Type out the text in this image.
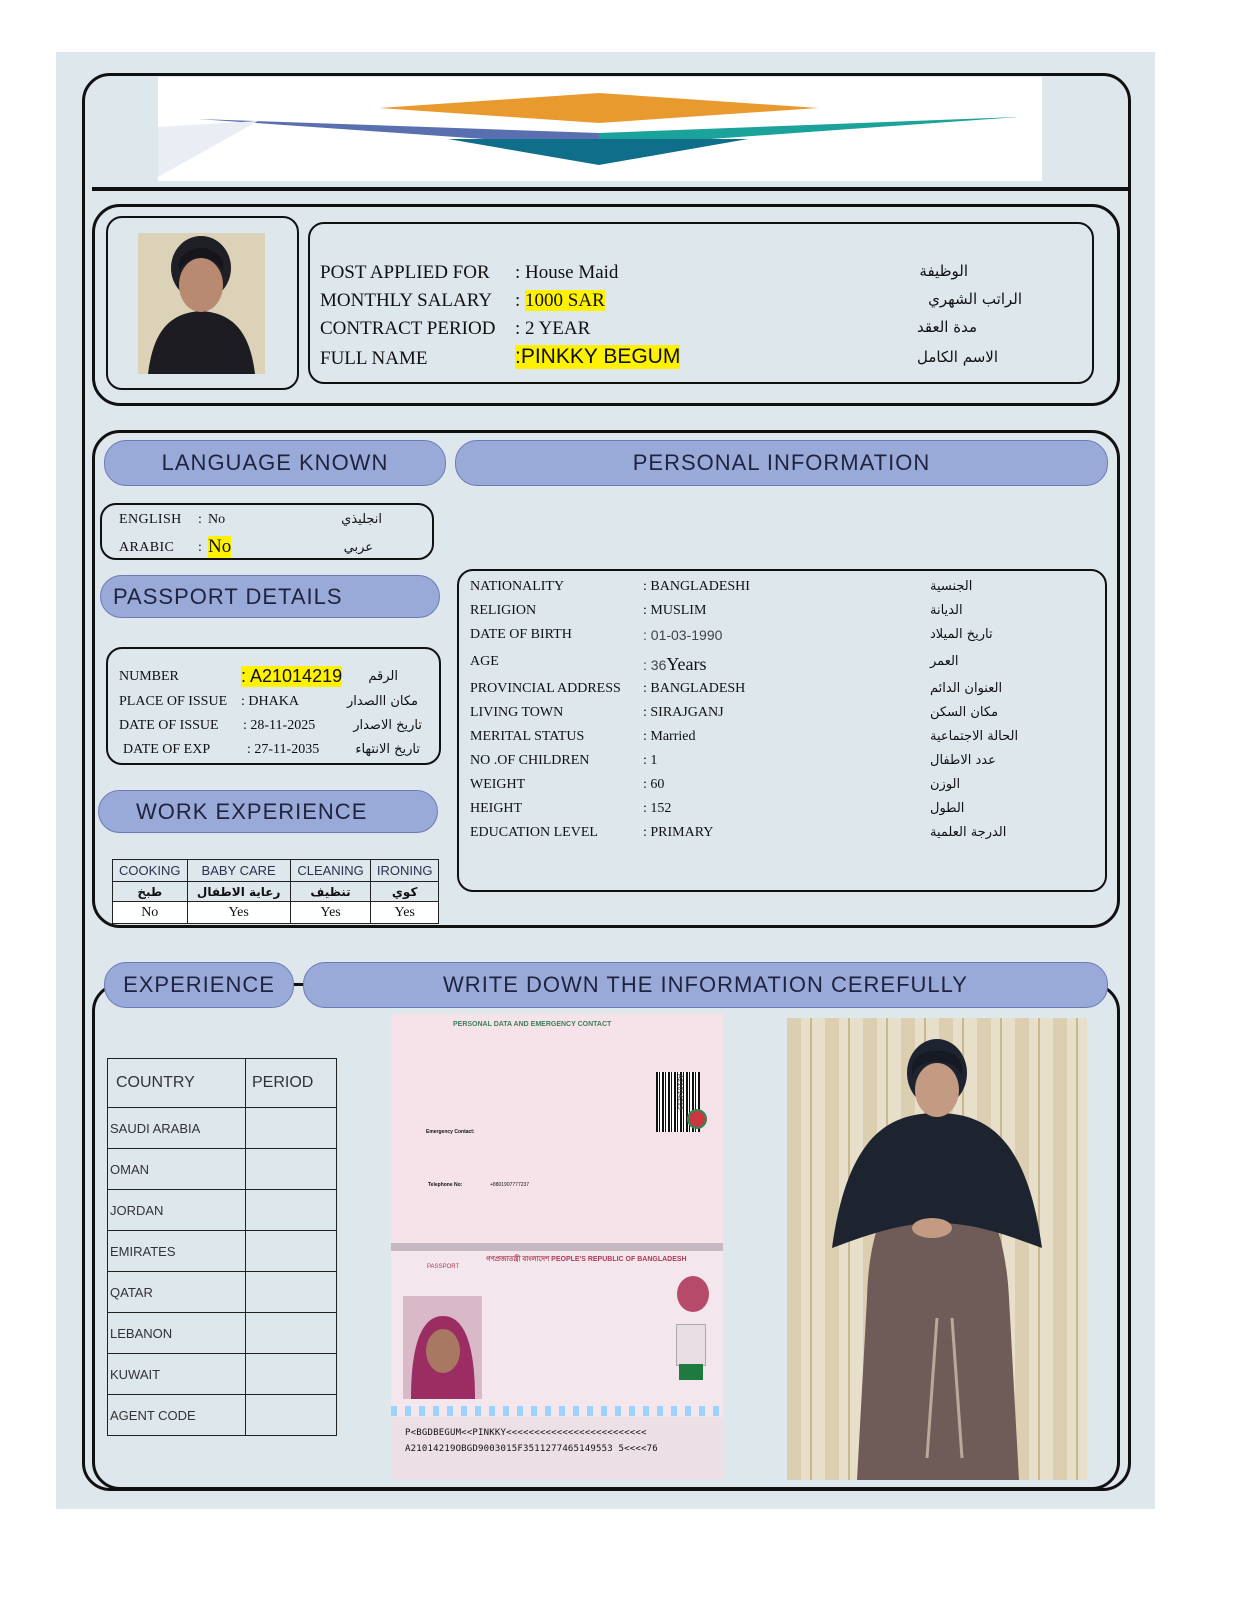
POST APPLIED FOR : House Maid	الوظيفة
MONTHLY SALARY : 1000 SAR	الراتب الشهري
CONTRACT PERIOD : 2 YEAR	مدة العقد
FULL NAME	:PINKKY BEGUM	الاسم الكامل
LANGUAGE KNOWN	PERSONAL INFORMATION
ENGLISH : No	انجليذي
ARABIC : No	عربي
PASSPORT DETAILS
NUMBER	: A21014219	الرقم
PLACE OF ISSUE : DHAKA	مكان االصدار
DATE OF ISSUE : 28-11-2025	تاريخ الاصدار
DATE OF EXP	: 27-11-2035	تاريخ الانتهاء
WORK EXPERIENCE
COOKING	BABY CARE	CLEANING	IRONING
طبخ	رعاية الاطفال	تنظيف	كوي
No	Yes	Yes	Yes
NATIONALITY	: BANGLADESHI	الجنسية
RELIGION	: MUSLIM	الديانة
DATE OF BIRTH	: 01-03-1990	تاريخ الميلاد
AGE	: 36Years	العمر
PROVINCIAL ADDRESS : BANGLADESH	العنوان الدائم
LIVING TOWN	: SIRAJGANJ	مكان السكن
MERITAL STATUS	: Married	الحالة الاجتماعية
NO .OF CHILDREN	: 1	عدد الاطفال
WEIGHT	: 60	الوزن
HEIGHT	: 152	الطول
EDUCATION LEVEL	: PRIMARY	الدرجة العلمية
EXPERIENCE	WRITE DOWN THE INFORMATION CEREFULLY
COUNTRY	PERIOD
SAUDI ARABIA	
OMAN	
JORDAN	
EMIRATES	
QATAR	
LEBANON	
KUWAIT	
AGENT CODE	
PERSONAL DATA AND EMERGENCY CONTACT
Emergency Contact:
Telephone No:	+8801907777237
A21014219
গণপ্রজাতন্ত্রী বাংলাদেশ PEOPLE'S REPUBLIC OF BANGLADESH
PASSPORT
P<BGDBEGUM<<PINKKY<<<<<<<<<<<<<<<<<<<<<<<<<
A21014219OBGD9003015F3511277465149553 5<<<<76
